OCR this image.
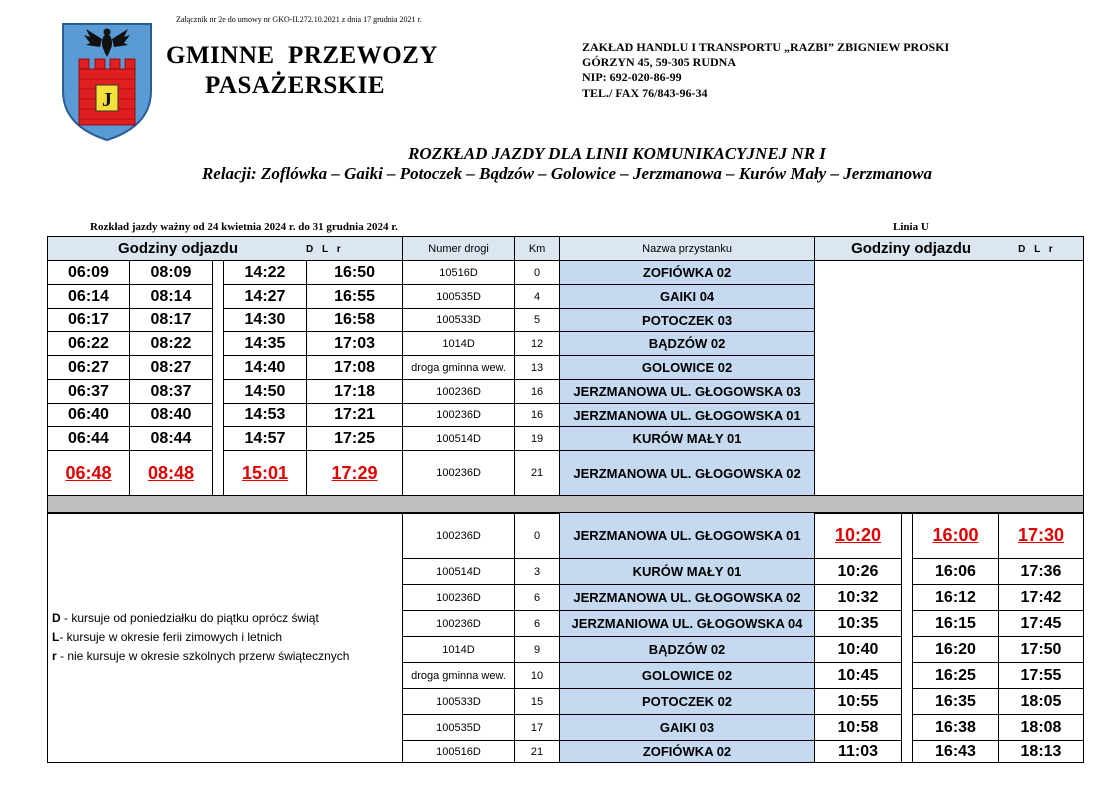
Załącznik nr 2e do umowy nr GKO-II.272.10.2021 z dnia 17 grudnia 2021 r.
J
GMINNE  PRZEWOZY
PASAŻERSKIE
ZAKŁAD HANDLU I TRANSPORTU „RAZBI” ZBIGNIEW PROSKI
GÓRZYN 45, 59-305 RUDNA
NIP: 692-020-86-99
TEL./ FAX 76/843-96-34
ROZKŁAD JAZDY DLA LINII KOMUNIKACYJNEJ NR I
Relacji: Zoflówka – Gaiki – Potoczek – Bądzów – Golowice – Jerzmanowa – Kurów Mały – Jerzmanowa
Rozkład jazdy ważny od 24 kwietnia 2024 r. do 31 grudnia 2024 r.	Linia U
Godziny odjazdu D L r					Numer drogi	Km	Nazwa przystanku	Godziny odjazdu D L r

06:09	08:09		14:22	16:50	10516D	0	ZOFIÓWKA 02	
06:14	08:14		14:27	16:55	100535D	4	GAIKI 04	
06:17	08:17		14:30	16:58	100533D	5	POTOCZEK 03	
06:22	08:22		14:35	17:03	1014D	12	BĄDZÓW 02	
06:27	08:27		14:40	17:08	droga gminna wew.	13	GOLOWICE 02	
06:37	08:37		14:50	17:18	100236D	16	JERZMANOWA UL. GŁOGOWSKA 03	
06:40	08:40		14:53	17:21	100236D	16	JERZMANOWA UL. GŁOGOWSKA 01	
06:44	08:44		14:57	17:25	100514D	19	KURÓW MAŁY 01	
06:48	08:48		15:01	17:29	100236D	21	JERZMANOWA UL. GŁOGOWSKA 02	

D - kursuje od poniedziałku do piątku oprócz świąt
L- kursuje w okresie ferii zimowych i letnich
r - nie kursuje w okresie szkolnych przerw świątecznych	100236D	0	JERZMANOWA UL. GŁOGOWSKA 01	10:20		16:00	17:30
	100514D	3	KURÓW MAŁY 01	10:26		16:06	17:36
	100236D	6	JERZMANOWA UL. GŁOGOWSKA 02	10:32		16:12	17:42
	100236D	6	JERZMANIOWA UL. GŁOGOWSKA 04	10:35		16:15	17:45
	1014D	9	BĄDZÓW 02	10:40		16:20	17:50
	droga gminna wew.	10	GOLOWICE 02	10:45		16:25	17:55
	100533D	15	POTOCZEK 02	10:55		16:35	18:05
	100535D	17	GAIKI 03	10:58		16:38	18:08
	100516D	21	ZOFIÓWKA 02	11:03		16:43	18:13
